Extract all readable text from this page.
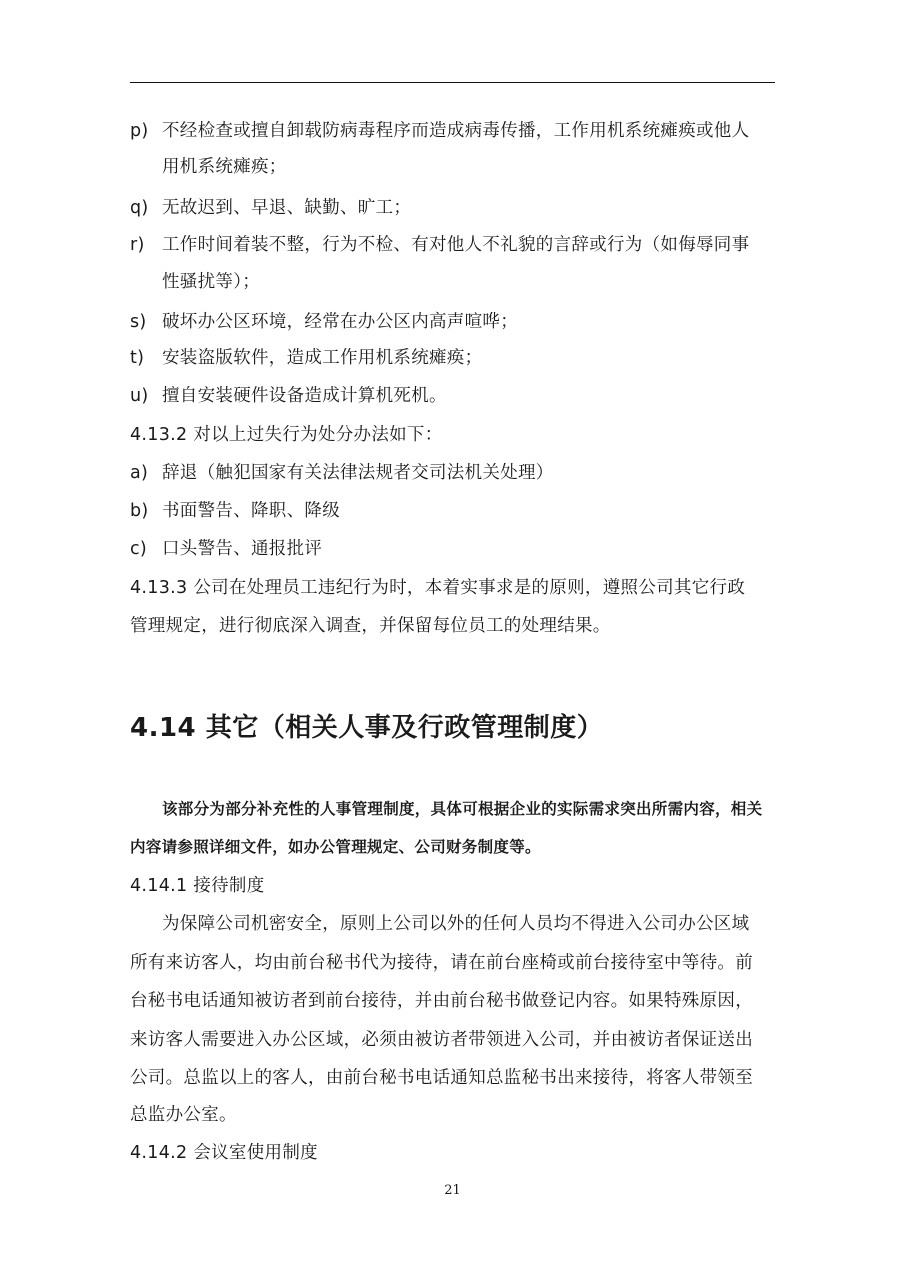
p) 不经检查或擅自卸载防病毒程序而造成病毒传播，工作用机系统瘫痪或他人
用机系统瘫痪；
q) 无故迟到、早退、缺勤、旷工；
r) 工作时间着装不整，行为不检、有对他人不礼貌的言辞或行为（如侮辱同事
性骚扰等）；
s) 破坏办公区环境，经常在办公区内高声喧哗；
t) 安装盗版软件，造成工作用机系统瘫痪；
u) 擅自安装硬件设备造成计算机死机。
4.13.2 对以上过失行为处分办法如下：
a) 辞退（触犯国家有关法律法规者交司法机关处理）
b) 书面警告、降职、降级
c) 口头警告、通报批评
4.13.3 公司在处理员工违纪行为时，本着实事求是的原则，遵照公司其它行政
管理规定，进行彻底深入调查，并保留每位员工的处理结果。
4.14 其它（相关人事及行政管理制度）
该部分为部分补充性的人事管理制度，具体可根据企业的实际需求突出所需内容，相关
内容请参照详细文件，如办公管理规定、公司财务制度等。
4.14.1 接待制度
为保障公司机密安全，原则上公司以外的任何人员均不得进入公司办公区域
所有来访客人，均由前台秘书代为接待，请在前台座椅或前台接待室中等待。前
台秘书电话通知被访者到前台接待，并由前台秘书做登记内容。如果特殊原因，
来访客人需要进入办公区域，必须由被访者带领进入公司，并由被访者保证送出
公司。总监以上的客人，由前台秘书电话通知总监秘书出来接待，将客人带领至
总监办公室。
4.14.2 会议室使用制度
21
